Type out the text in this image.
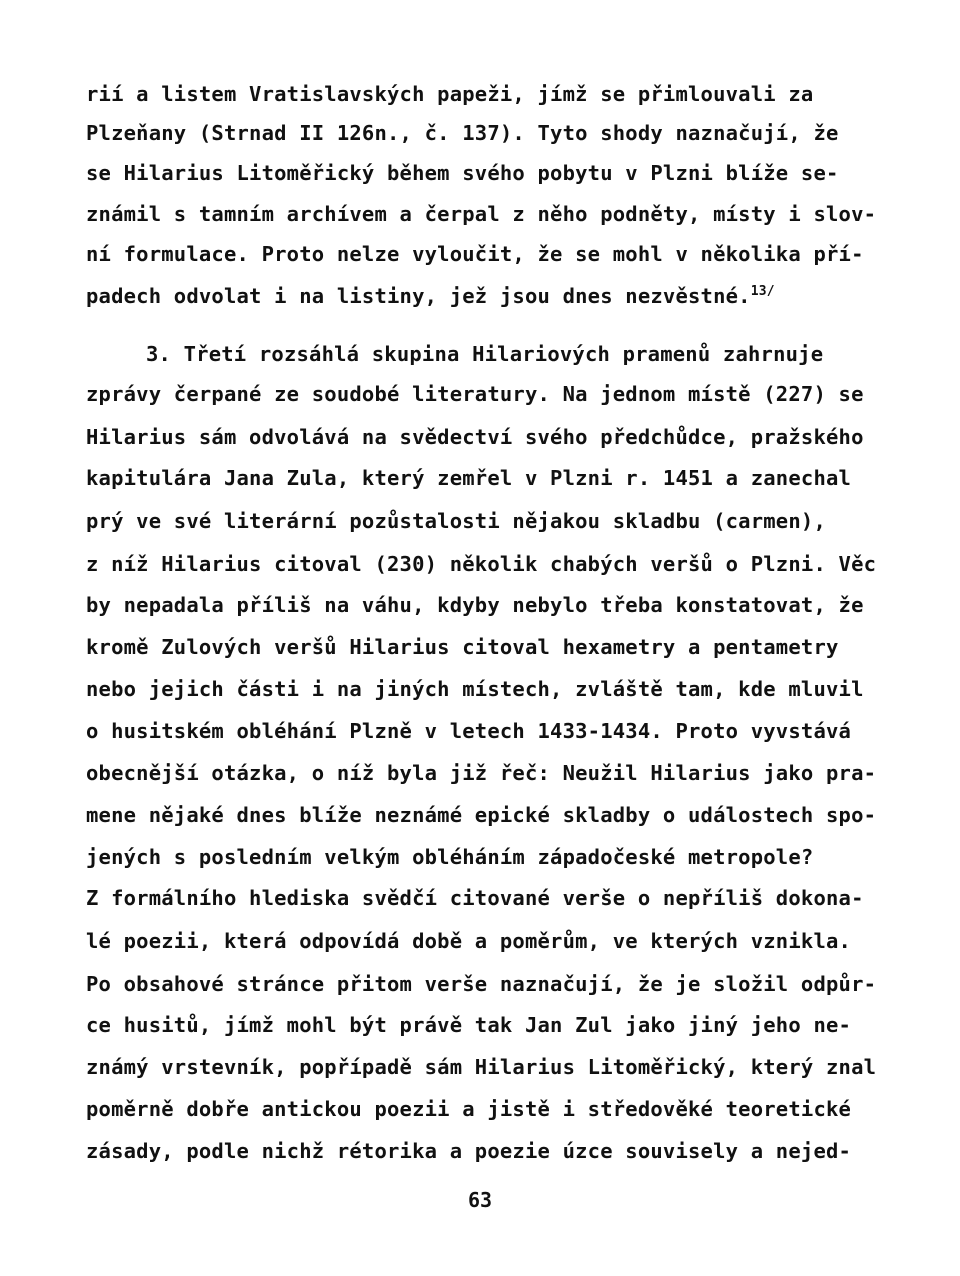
rií a listem Vratislavských papeži, jímž se přimlouvali za
Plzeňany (Strnad II 126n., č. 137). Tyto shody naznačují, že
se Hilarius Litoměřický během svého pobytu v Plzni blíže se-
známil s tamním archívem a čerpal z něho podněty, místy i slov-
ní formulace. Proto nelze vyloučit, že se mohl v několika pří-
padech odvolat i na listiny, jež jsou dnes nezvěstné.$^{13/}$
3. Třetí rozsáhlá skupina Hilariových pramenů zahrnuje
zprávy čerpané ze soudobé literatury. Na jednom místě (227) se
Hilarius sám odvolává na svědectví svého předchůdce, pražského
kapitulára Jana Zula, který zemřel v Plzni r. 1451 a zanechal
prý ve své literární pozůstalosti nějakou skladbu (carmen),
z níž Hilarius citoval (230) několik chabých veršů o Plzni. Věc
by nepadala příliš na váhu, kdyby nebylo třeba konstatovat, že
kromě Zulových veršů Hilarius citoval hexametry a pentametry
nebo jejich části i na jiných místech, zvláště tam, kde mluvil
o husitském obléhání Plzně v letech 1433-1434. Proto vyvstává
obecnější otázka, o níž byla již řeč: Neužil Hilarius jako pra-
mene nějaké dnes blíže neznámé epické skladby o událostech spo-
jených s posledním velkým obléháním západočeské metropole?
Z formálního hlediska svědčí citované verše o nepříliš dokona-
lé poezii, která odpovídá době a poměrům, ve kterých vznikla.
Po obsahové stránce přitom verše naznačují, že je složil odpůr-
ce husitů, jímž mohl být právě tak Jan Zul jako jiný jeho ne-
známý vrstevník, popřípadě sám Hilarius Litoměřický, který znal
poměrně dobře antickou poezii a jistě i středověké teoretické
zásady, podle nichž rétorika a poezie úzce souvisely a nejed-
63
